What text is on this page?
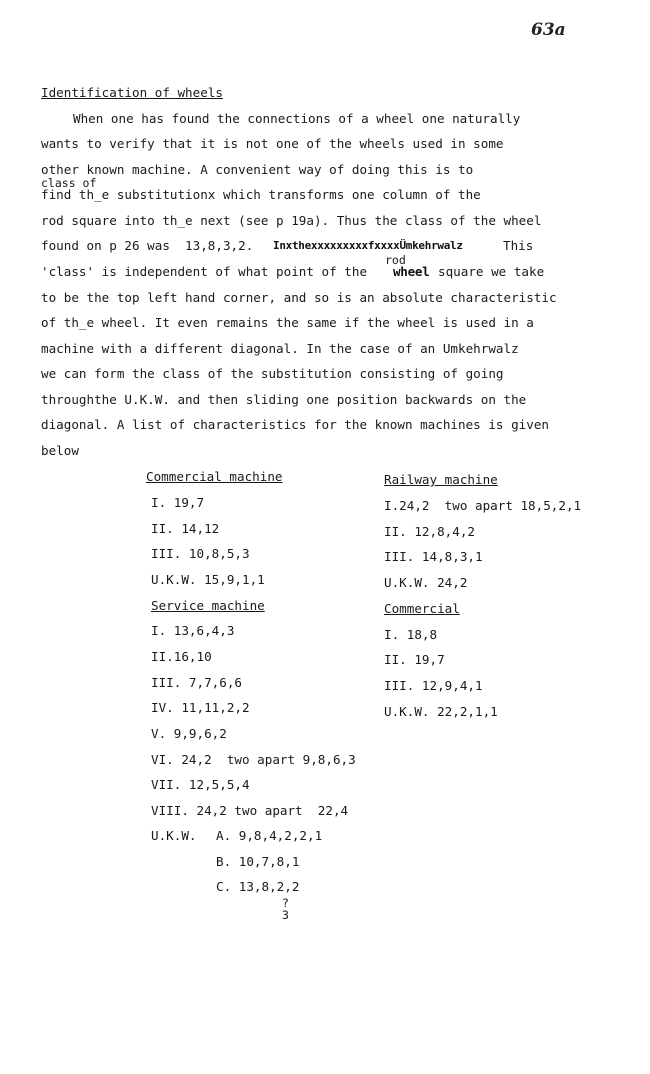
63a
Identification of wheels
When one has found the connections of a wheel one naturally
wants to verify that it is not one of the wheels used in some
other known machine. A convenient way of doing this is to
class of
find th_e substitutionx which transforms one column of the
rod square into th_e next (see p 19a). Thus the class of the wheel
found on p 26 was  13,8,3,2. InxthexxxxxxxxxfxxxxÜmkehrwalz	This
rod
'class' is independent of what point of the wheel square we take
to be the top left hand corner, and so is an absolute characteristic
of th_e wheel. It even remains the same if the wheel is used in a
machine with a different diagonal. In the case of an Umkehrwalz
we can form the class of the substitution consisting of going
throughthe U.K.W. and then sliding one position backwards on the
diagonal. A list of characteristics for the known machines is given
below
Commercial machine
I. 19,7
II. 14,12
III. 10,8,5,3
U.K.W. 15,9,1,1
Service machine
I. 13,6,4,3
II.16,10
III. 7,7,6,6
IV. 11,11,2,2
V. 9,9,6,2
VI. 24,2  two apart 9,8,6,3
VII. 12,5,5,4
VIII. 24,2 two apart  22,4
U.K.W. A. 9,8,4,2,2,1
B. 10,7,8,1
C. 13,8,2,2
?
3
Railway machine
I.24,2  two apart 18,5,2,1
II. 12,8,4,2
III. 14,8,3,1
U.K.W. 24,2
Commercial
I. 18,8
II. 19,7
III. 12,9,4,1
U.K.W. 22,2,1,1
